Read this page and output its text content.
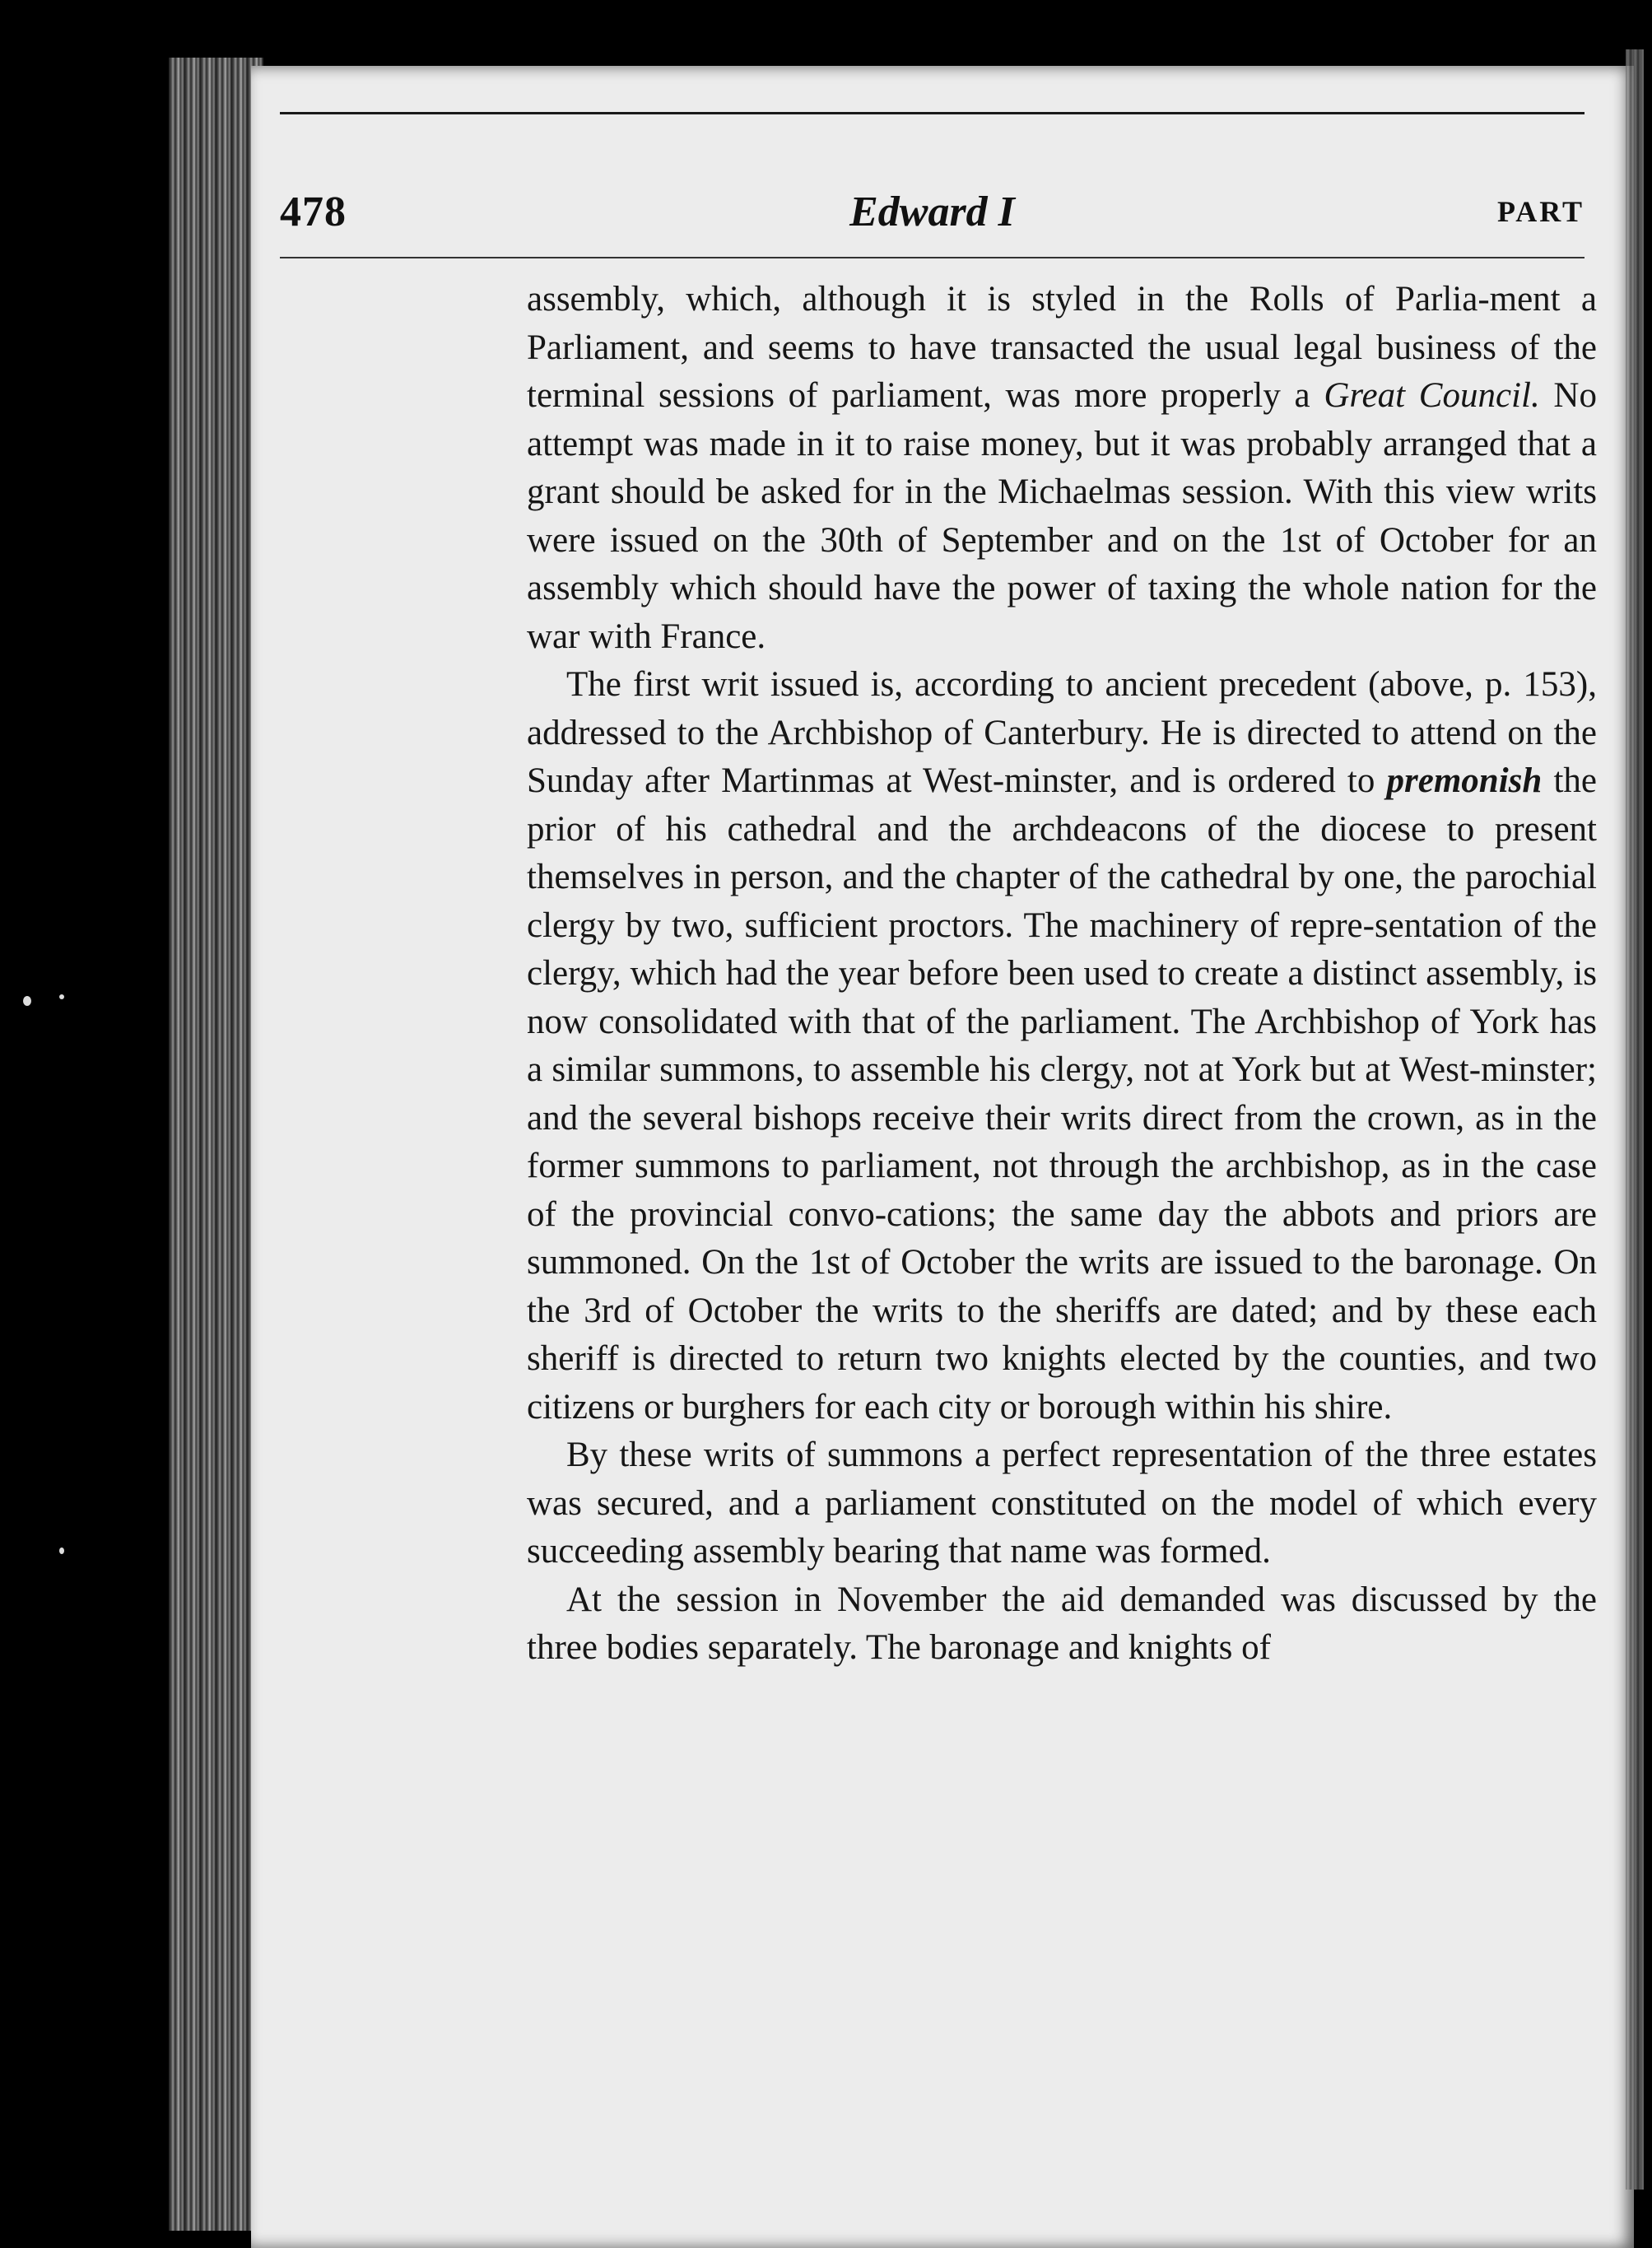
478	Edward I	PART

assembly, which, although it is styled in the Rolls of Parlia-ment a Parliament, and seems to have transacted the usual legal business of the terminal sessions of parliament, was more properly a Great Council. No attempt was made in it to raise money, but it was probably arranged that a grant should be asked for in the Michaelmas session. With this view writs were issued on the 30th of September and on the 1st of October for an assembly which should have the power of taxing the whole nation for the war with France.

The first writ issued is, according to ancient precedent (above, p. 153), addressed to the Archbishop of Canterbury. He is directed to attend on the Sunday after Martinmas at West-minster, and is ordered to premonish the prior of his cathedral and the archdeacons of the diocese to present themselves in person, and the chapter of the cathedral by one, the parochial clergy by two, sufficient proctors. The machinery of repre-sentation of the clergy, which had the year before been used to create a distinct assembly, is now consolidated with that of the parliament. The Archbishop of York has a similar summons, to assemble his clergy, not at York but at West-minster; and the several bishops receive their writs direct from the crown, as in the former summons to parliament, not through the archbishop, as in the case of the provincial convo-cations; the same day the abbots and priors are summoned. On the 1st of October the writs are issued to the baronage. On the 3rd of October the writs to the sheriffs are dated; and by these each sheriff is directed to return two knights elected by the counties, and two citizens or burghers for each city or borough within his shire.

By these writs of summons a perfect representation of the three estates was secured, and a parliament constituted on the model of which every succeeding assembly bearing that name was formed.

At the session in November the aid demanded was discussed by the three bodies separately. The baronage and knights of
